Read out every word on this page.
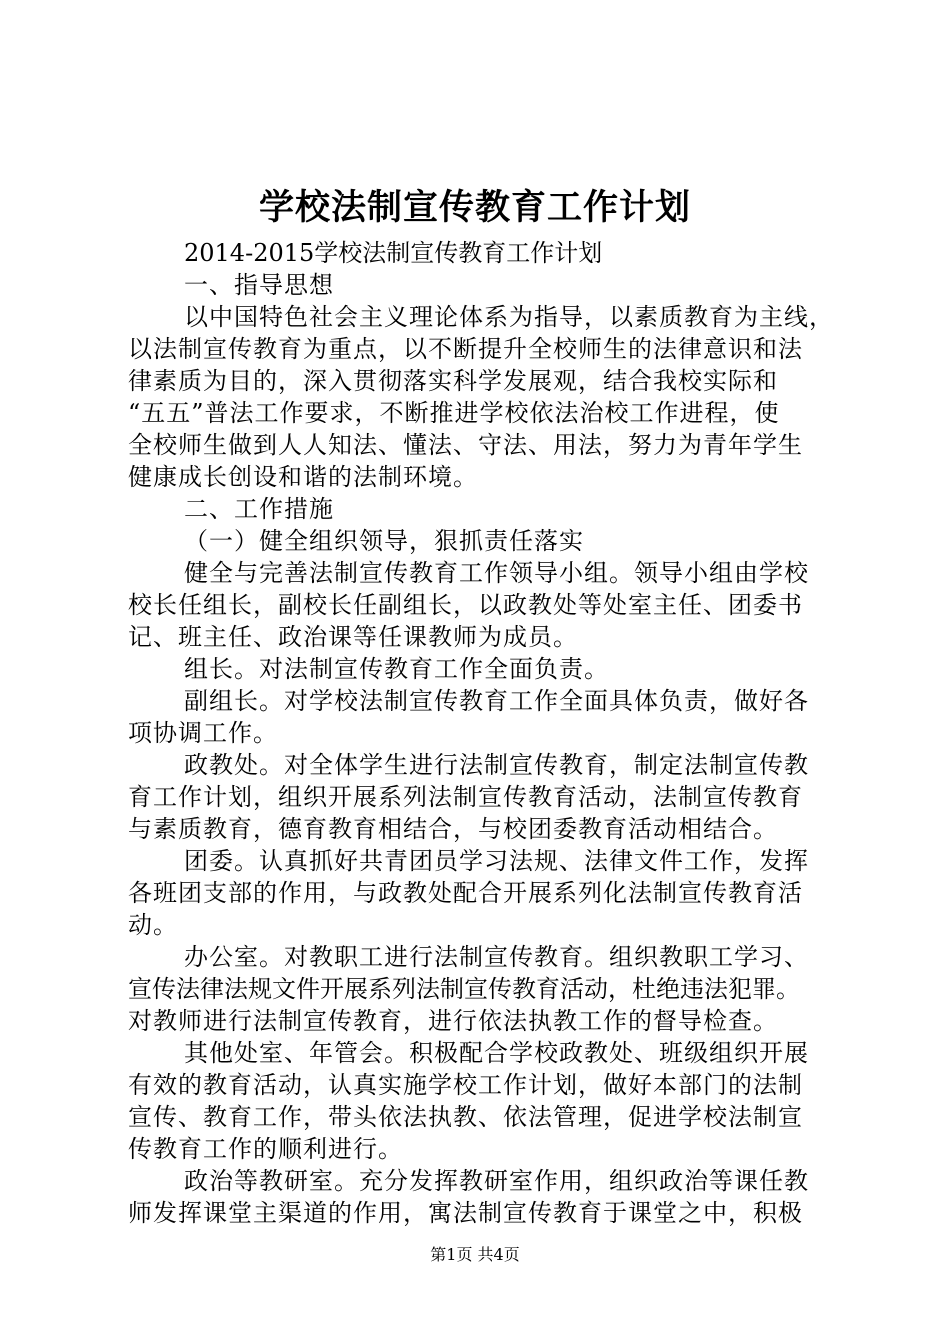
学校法制宣传教育工作计划

2014-2015学校法制宣传教育工作计划

一、指导思想

以中国特色社会主义理论体系为指导，以素质教育为主线，

以法制宣传教育为重点，以不断提升全校师生的法律意识和法

律素质为目的，深入贯彻落实科学发展观，结合我校实际和

“五五”普法工作要求，不断推进学校依法治校工作进程，使

全校师生做到人人知法、懂法、守法、用法，努力为青年学生

健康成长创设和谐的法制环境。

二、工作措施

（一）健全组织领导，狠抓责任落实

健全与完善法制宣传教育工作领导小组。领导小组由学校

校长任组长，副校长任副组长，以政教处等处室主任、团委书

记、班主任、政治课等任课教师为成员。

组长。对法制宣传教育工作全面负责。

副组长。对学校法制宣传教育工作全面具体负责，做好各

项协调工作。

政教处。对全体学生进行法制宣传教育，制定法制宣传教

育工作计划，组织开展系列法制宣传教育活动，法制宣传教育

与素质教育，德育教育相结合，与校团委教育活动相结合。

团委。认真抓好共青团员学习法规、法律文件工作，发挥

各班团支部的作用，与政教处配合开展系列化法制宣传教育活

动。

办公室。对教职工进行法制宣传教育。组织教职工学习、

宣传法律法规文件开展系列法制宣传教育活动，杜绝违法犯罪。

对教师进行法制宣传教育，进行依法执教工作的督导检查。

其他处室、年管会。积极配合学校政教处、班级组织开展

有效的教育活动，认真实施学校工作计划，做好本部门的法制

宣传、教育工作，带头依法执教、依法管理，促进学校法制宣

传教育工作的顺利进行。

政治等教研室。充分发挥教研室作用，组织政治等课任教

师发挥课堂主渠道的作用，寓法制宣传教育于课堂之中，积极

第1页 共4页
